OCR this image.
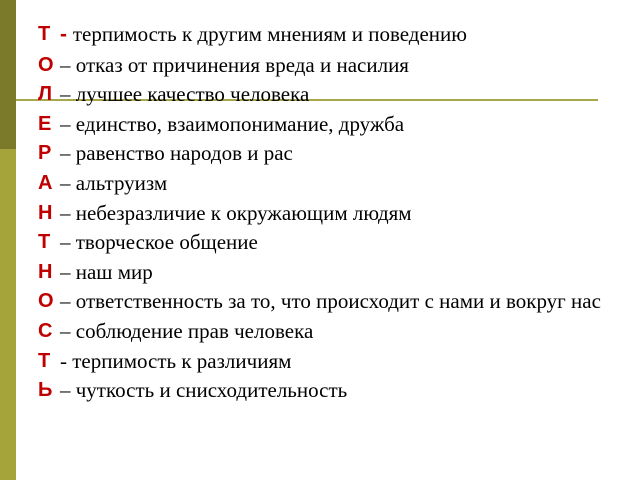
Т - терпимость к другим мнениям и поведению
О – отказ от причинения вреда и насилия
Л – лучшее качество человека
Е – единство, взаимопонимание, дружба
Р – равенство народов и рас
А – альтруизм
Н – небезразличие к окружающим людям
Т – творческое общение
Н – наш мир
О – ответственность за то, что происходит с нами и вокруг нас
С – соблюдение прав человека
Т - терпимость к различиям
Ь – чуткость и снисходительность
